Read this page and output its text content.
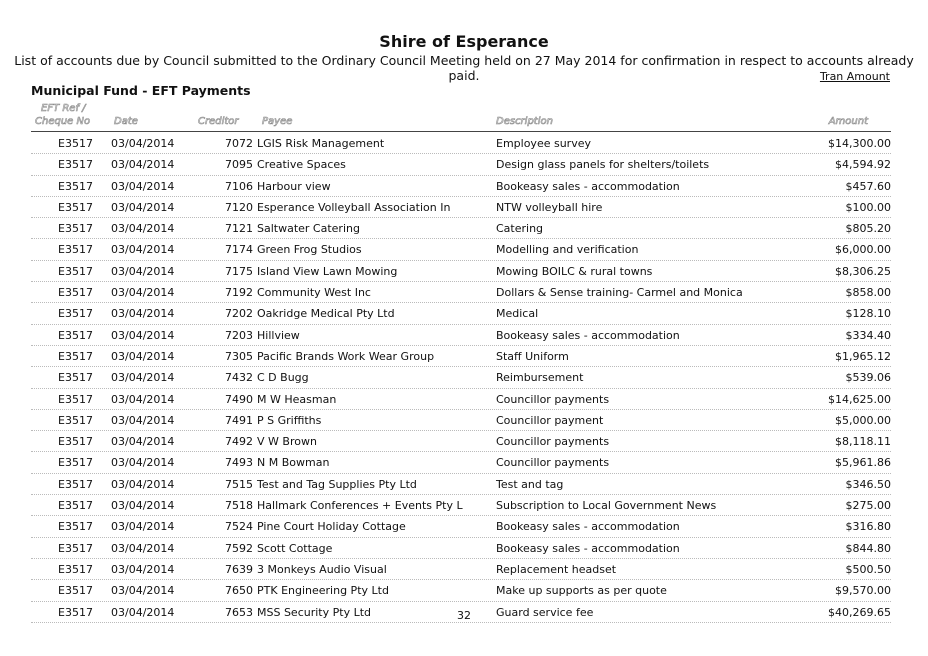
Shire of Esperance
List of accounts due by Council submitted to the Ordinary Council Meeting held on 27 May 2014 for confirmation in respect to accounts already paid.	Tran Amount
Municipal Fund - EFT Payments
EFT Ref /
Cheque No Date	Creditor Payee	Description	Amount
E3517 03/04/2014	7072 LGIS Risk Management	Employee survey	$14,300.00
E3517 03/04/2014	7095 Creative Spaces	Design glass panels for shelters/toilets	$4,594.92
E3517 03/04/2014	7106 Harbour view	Bookeasy sales - accommodation	$457.60
E3517 03/04/2014	7120 Esperance Volleyball Association In	NTW volleyball hire	$100.00
E3517 03/04/2014	7121 Saltwater Catering	Catering	$805.20
E3517 03/04/2014	7174 Green Frog Studios	Modelling and verification	$6,000.00
E3517 03/04/2014	7175 Island View Lawn Mowing	Mowing BOILC & rural towns	$8,306.25
E3517 03/04/2014	7192 Community West Inc	Dollars & Sense training- Carmel and Monica	$858.00
E3517 03/04/2014	7202 Oakridge Medical Pty Ltd	Medical	$128.10
E3517 03/04/2014	7203 Hillview	Bookeasy sales - accommodation	$334.40
E3517 03/04/2014	7305 Pacific Brands Work Wear Group	Staff Uniform	$1,965.12
E3517 03/04/2014	7432 C D Bugg	Reimbursement	$539.06
E3517 03/04/2014	7490 M W Heasman	Councillor payments	$14,625.00
E3517 03/04/2014	7491 P S Griffiths	Councillor payment	$5,000.00
E3517 03/04/2014	7492 V W Brown	Councillor payments	$8,118.11
E3517 03/04/2014	7493 N M Bowman	Councillor payments	$5,961.86
E3517 03/04/2014	7515 Test and Tag Supplies Pty Ltd	Test and tag	$346.50
E3517 03/04/2014	7518 Hallmark Conferences + Events Pty L	Subscription to Local Government News	$275.00
E3517 03/04/2014	7524 Pine Court Holiday Cottage	Bookeasy sales - accommodation	$316.80
E3517 03/04/2014	7592 Scott Cottage	Bookeasy sales - accommodation	$844.80
E3517 03/04/2014	7639 3 Monkeys Audio Visual	Replacement headset	$500.50
E3517 03/04/2014	7650 PTK Engineering Pty Ltd	Make up supports as per quote	$9,570.00
E3517 03/04/2014	7653 MSS Security Pty Ltd	Guard service fee	$40,269.65
32
